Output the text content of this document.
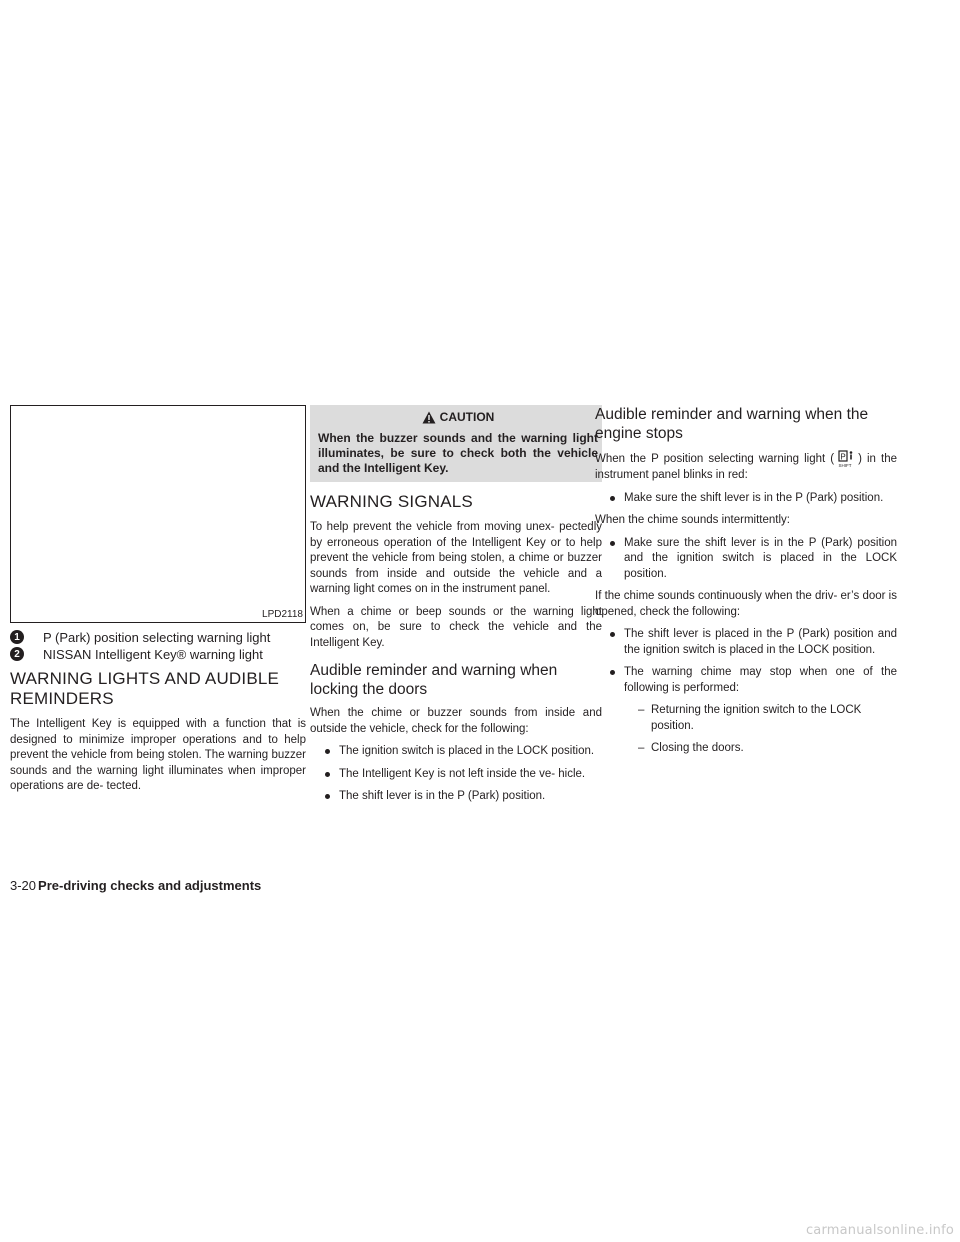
LPD2118
1	P (Park) position selecting warning light
2	NISSAN Intelligent Key® warning light
WARNING LIGHTS AND AUDIBLE REMINDERS

The Intelligent Key is equipped with a function that is designed to minimize improper operations and to help prevent the vehicle from being stolen. The warning buzzer sounds and the warning light illuminates when improper operations are de- tected.

CAUTION
When the buzzer sounds and the warning light illuminates, be sure to check both the vehicle and the Intelligent Key.
WARNING SIGNALS

To help prevent the vehicle from moving unex- pectedly by erroneous operation of the Intelligent Key or to help prevent the vehicle from being stolen, a chime or buzzer sounds from inside and outside the vehicle and a warning light comes on in the instrument panel.

When a chime or beep sounds or the warning light comes on, be sure to check the vehicle and the Intelligent Key.

Audible reminder and warning when locking the doors

When the chime or buzzer sounds from inside and outside the vehicle, check for the following:

The ignition switch is placed in the LOCK position.
The Intelligent Key is not left inside the ve- hicle.
The shift lever is in the P (Park) position.
Audible reminder and warning when the engine stops

When the P position selecting warning light ( P
SHIFT
) in the instrument panel blinks in red:

Make sure the shift lever is in the P (Park) position.

When the chime sounds intermittently:

Make sure the shift lever is in the P (Park) position and the ignition switch is placed in the LOCK position.

If the chime sounds continuously when the driv- er’s door is opened, check the following:

The shift lever is placed in the P (Park) position and the ignition switch is placed in the LOCK position.
The warning chime may stop when one of the following is performed:
– Returning the ignition switch to the LOCK position.
– Closing the doors.
3-20 Pre-driving checks and adjustments
carmanualsonline.info
